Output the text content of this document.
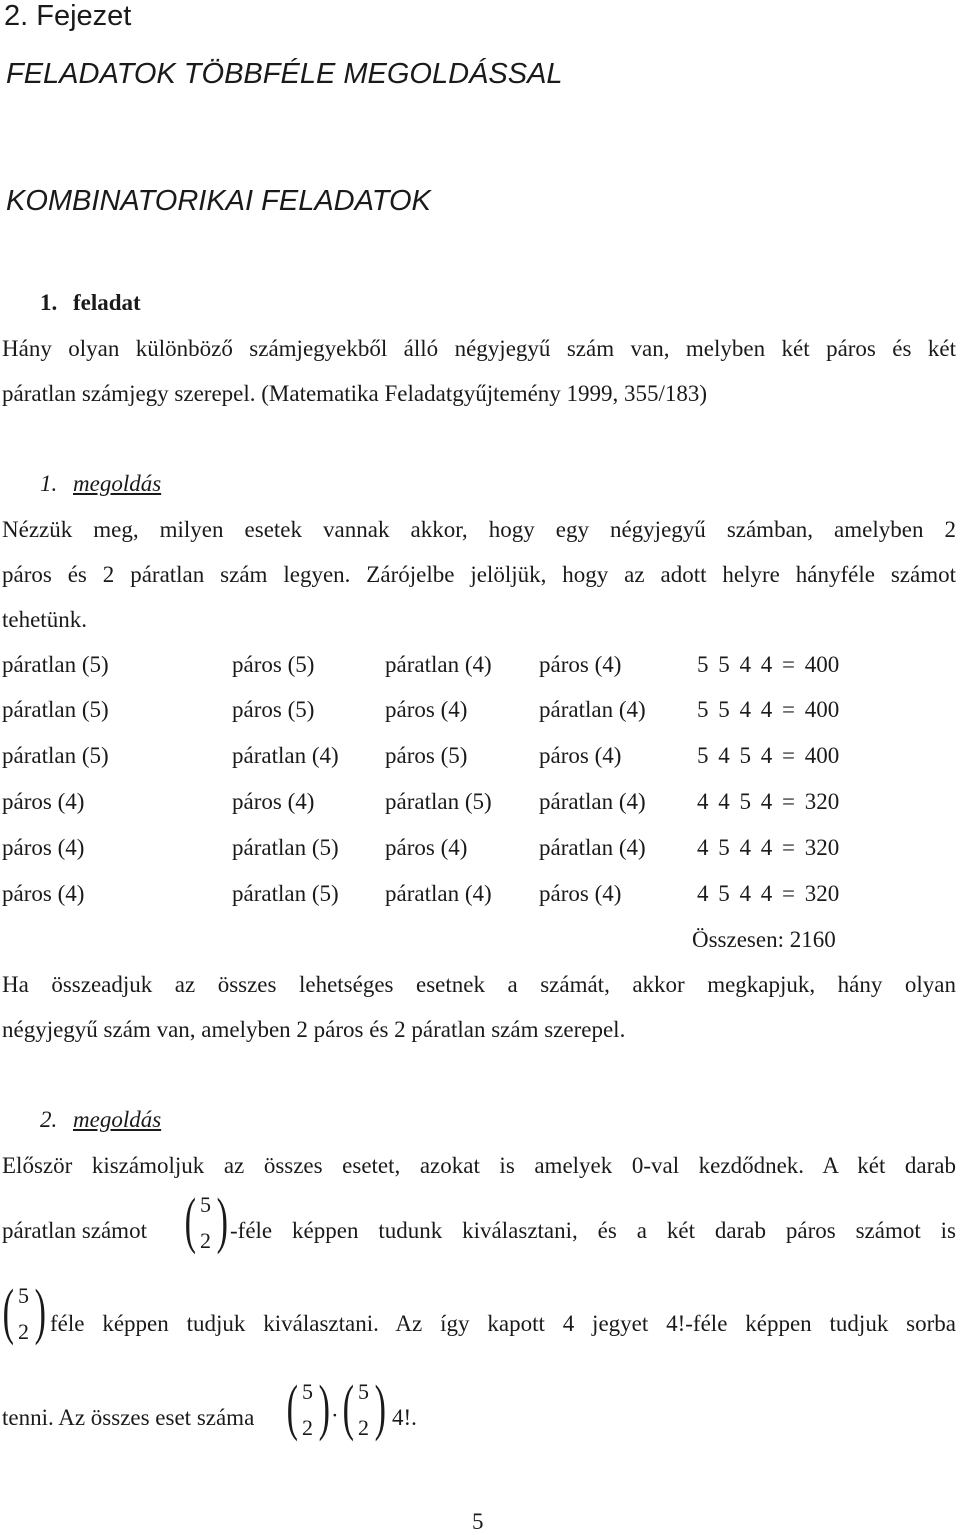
2. Fejezet
FELADATOK TÖBBFÉLE MEGOLDÁSSAL
KOMBINATORIKAI FELADATOK
1. feladat
Hány olyan különböző számjegyekből álló négyjegyű szám van, melyben két páros és két
páratlan számjegy szerepel. (Matematika Feladatgyűjtemény 1999, 355/183)
1. megoldás
Nézzük meg, milyen esetek vannak akkor, hogy egy négyjegyű számban, amelyben 2
páros és 2 páratlan szám legyen. Zárójelbe jelöljük, hogy az adott helyre hányféle számot
tehetünk.
páratlan (5)	páros (5)	páratlan (4) páros (4)	5 5 4 4 = 400
páratlan (5)	páros (5)	páros (4)	páratlan (4) 5 5 4 4 = 400
páratlan (5)	páratlan (4) páros (5)	páros (4)	5 4 5 4 = 400
páros (4)	páros (4)	páratlan (5) páratlan (4) 4 4 5 4 = 320
páros (4)	páratlan (5) páros (4)	páratlan (4) 4 5 4 4 = 320
páros (4)	páratlan (5) páratlan (4) páros (4)	4 5 4 4 = 320
Összesen: 2160
Ha összeadjuk az összes lehetséges esetnek a számát, akkor megkapjuk, hány olyan
négyjegyű szám van, amelyben 2 páros és 2 páratlan szám szerepel.
2. megoldás
Először kiszámoljuk az összes esetet, azokat is amelyek 0-val kezdődnek. A két darab
páratlan számot ( 5
2 ) -féle képpen tudunk kiválasztani, és a két darab páros számot is
( 5
2 ) féle képpen tudjuk kiválasztani. Az így kapott 4 jegyet 4!-féle képpen tudjuk sorba
tenni. Az összes eset száma ( 5
2 ) · ( 5
2 ) 4!.
5
